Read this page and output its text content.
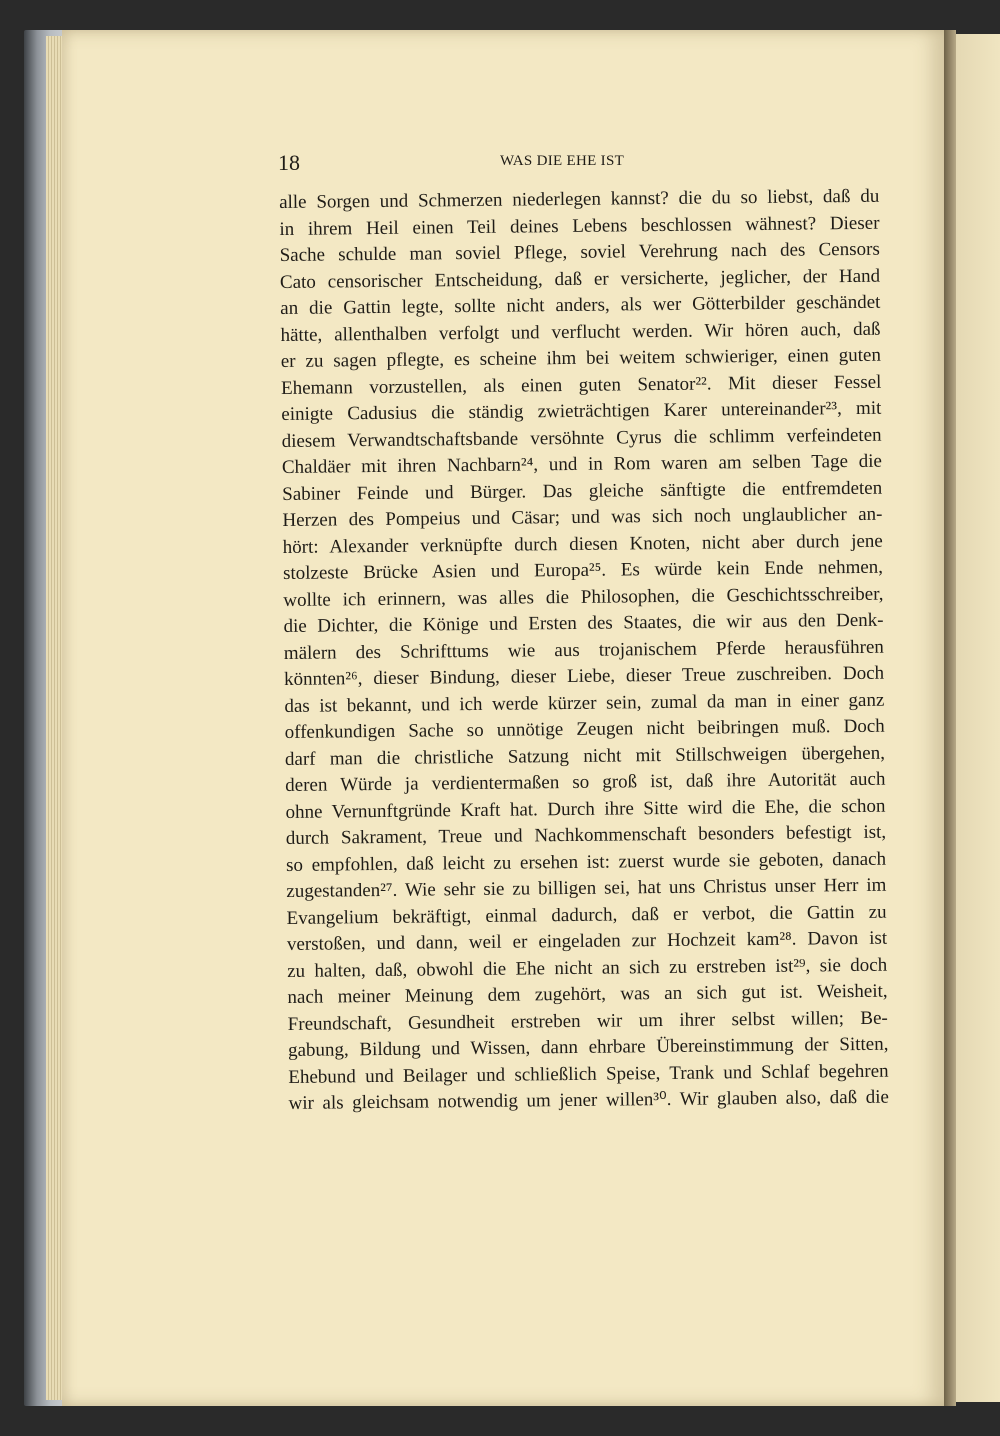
18	WAS DIE EHE IST
alle Sorgen und Schmerzen niederlegen kannst? die du so liebst, daß du
in ihrem Heil einen Teil deines Lebens beschlossen wähnest? Dieser
Sache schulde man soviel Pflege, soviel Verehrung nach des Censors
Cato censorischer Entscheidung, daß er versicherte, jeglicher, der Hand
an die Gattin legte, sollte nicht anders, als wer Götterbilder geschändet
hätte, allenthalben verfolgt und verflucht werden. Wir hören auch, daß
er zu sagen pflegte, es scheine ihm bei weitem schwieriger, einen guten
Ehemann vorzustellen, als einen guten Senator²². Mit dieser Fessel
einigte Cadusius die ständig zwieträchtigen Karer untereinander²³, mit
diesem Verwandtschaftsbande versöhnte Cyrus die schlimm verfeindeten
Chaldäer mit ihren Nachbarn²⁴, und in Rom waren am selben Tage die
Sabiner Feinde und Bürger. Das gleiche sänftigte die entfremdeten
Herzen des Pompeius und Cäsar; und was sich noch unglaublicher an-
hört: Alexander verknüpfte durch diesen Knoten, nicht aber durch jene
stolzeste Brücke Asien und Europa²⁵. Es würde kein Ende nehmen,
wollte ich erinnern, was alles die Philosophen, die Geschichtsschreiber,
die Dichter, die Könige und Ersten des Staates, die wir aus den Denk-
mälern des Schrifttums wie aus trojanischem Pferde herausführen
könnten²⁶, dieser Bindung, dieser Liebe, dieser Treue zuschreiben. Doch
das ist bekannt, und ich werde kürzer sein, zumal da man in einer ganz
offenkundigen Sache so unnötige Zeugen nicht beibringen muß. Doch
darf man die christliche Satzung nicht mit Stillschweigen übergehen,
deren Würde ja verdientermaßen so groß ist, daß ihre Autorität auch
ohne Vernunftgründe Kraft hat. Durch ihre Sitte wird die Ehe, die schon
durch Sakrament, Treue und Nachkommenschaft besonders befestigt ist,
so empfohlen, daß leicht zu ersehen ist: zuerst wurde sie geboten, danach
zugestanden²⁷. Wie sehr sie zu billigen sei, hat uns Christus unser Herr im
Evangelium bekräftigt, einmal dadurch, daß er verbot, die Gattin zu
verstoßen, und dann, weil er eingeladen zur Hochzeit kam²⁸. Davon ist
zu halten, daß, obwohl die Ehe nicht an sich zu erstreben ist²⁹, sie doch
nach meiner Meinung dem zugehört, was an sich gut ist. Weisheit,
Freundschaft, Gesundheit erstreben wir um ihrer selbst willen; Be-
gabung, Bildung und Wissen, dann ehrbare Übereinstimmung der Sitten,
Ehebund und Beilager und schließlich Speise, Trank und Schlaf begehren
wir als gleichsam notwendig um jener willen³⁰. Wir glauben also, daß die
